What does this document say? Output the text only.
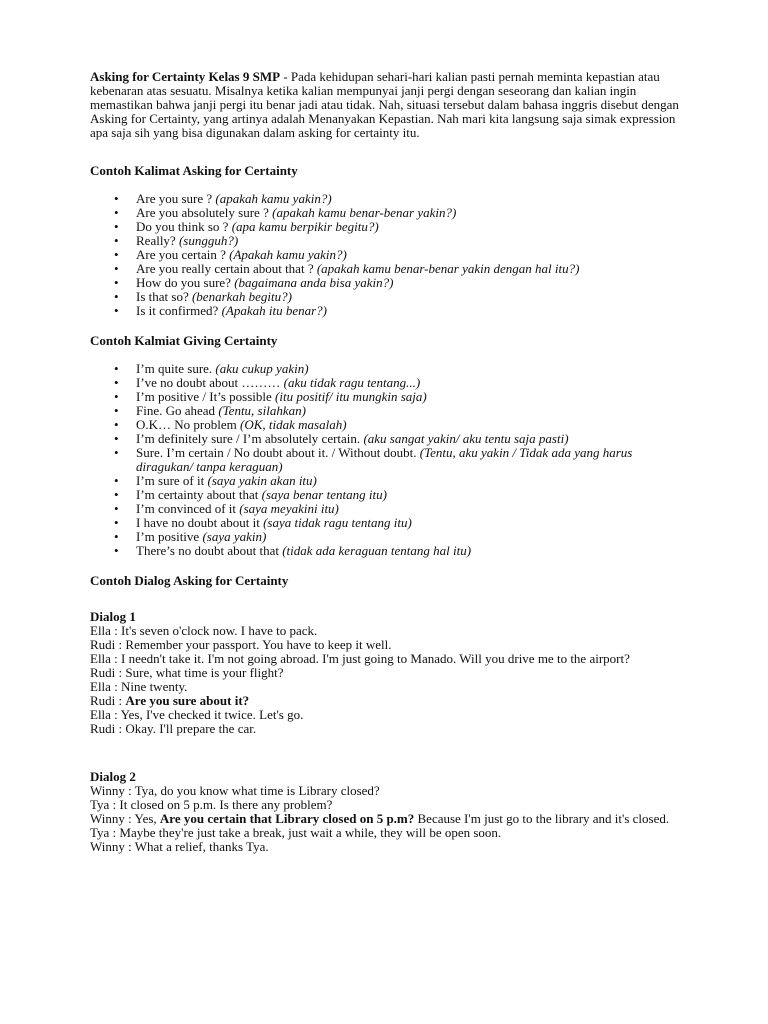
Asking for Certainty Kelas 9 SMP - Pada kehidupan sehari-hari kalian pasti pernah meminta kepastian atau kebenaran atas sesuatu. Misalnya ketika kalian mempunyai janji pergi dengan seseorang dan kalian ingin memastikan bahwa janji pergi itu benar jadi atau tidak. Nah, situasi tersebut dalam bahasa inggris disebut dengan Asking for Certainty, yang artinya adalah Menanyakan Kepastian. Nah mari kita langsung saja simak expression apa saja sih yang bisa digunakan dalam asking for certainty itu.

Contoh Kalimat Asking for Certainty
• Are you sure ? (apakah kamu yakin?)
• Are you absolutely sure ? (apakah kamu benar-benar yakin?)
• Do you think so ? (apa kamu berpikir begitu?)
• Really? (sungguh?)
• Are you certain ? (Apakah kamu yakin?)
• Are you really certain about that ? (apakah kamu benar-benar yakin dengan hal itu?)
• How do you sure? (bagaimana anda bisa yakin?)
• Is that so? (benarkah begitu?)
• Is it confirmed? (Apakah itu benar?)
Contoh Kalmiat Giving Certainty
• I’m quite sure. (aku cukup yakin)
• I’ve no doubt about ……… (aku tidak ragu tentang...)
• I’m positive / It’s possible (itu positif/ itu mungkin saja)
• Fine. Go ahead (Tentu, silahkan)
• O.K… No problem (OK, tidak masalah)
• I’m definitely sure / I’m absolutely certain. (aku sangat yakin/ aku tentu saja pasti)
• Sure. I’m certain / No doubt about it. / Without doubt. (Tentu, aku yakin / Tidak ada yang harus diragukan/ tanpa keraguan)
• I’m sure of it (saya yakin akan itu)
• I’m certainty about that (saya benar tentang itu)
• I’m convinced of it (saya meyakini itu)
• I have no doubt about it (saya tidak ragu tentang itu)
• I’m positive (saya yakin)
• There’s no doubt about that (tidak ada keraguan tentang hal itu)
Contoh Dialog Asking for Certainty
Dialog 1

Ella : It's seven o'clock now. I have to pack.

Rudi : Remember your passport. You have to keep it well.

Ella : I needn't take it. I'm not going abroad. I'm just going to Manado. Will you drive me to the airport?

Rudi : Sure, what time is your flight?

Ella : Nine twenty.

Rudi : Are you sure about it?

Ella : Yes, I've checked it twice. Let's go.

Rudi : Okay. I'll prepare the car.

Dialog 2

Winny : Tya, do you know what time is Library closed?

Tya : It closed on 5 p.m. Is there any problem?

Winny : Yes, Are you certain that Library closed on 5 p.m? Because I'm just go to the library and it's closed.

Tya : Maybe they're just take a break, just wait a while, they will be open soon.

Winny : What a relief, thanks Tya.
